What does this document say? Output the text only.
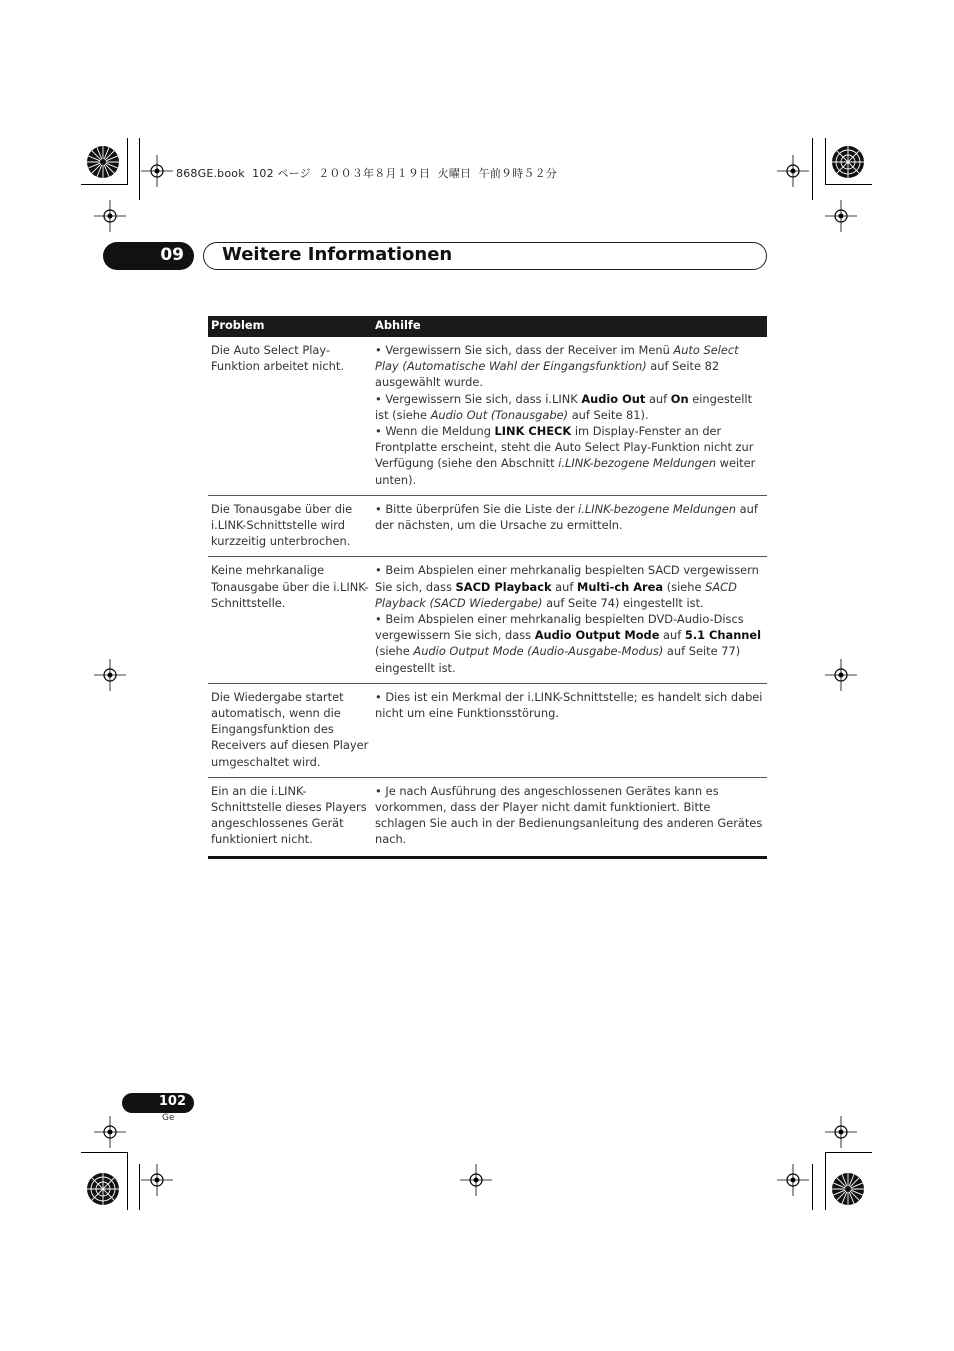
868GE.book  102 ページ  ２００３年８月１９日  火曜日  午前９時５２分
09 Weitere Informationen
Problem	Abhilfe
Die Auto Select Play-Funktion arbeitet nicht.	• Vergewissern Sie sich, dass der Receiver im Menü Auto Select Play (Automatische Wahl der Eingangsfunktion) auf Seite 82 ausgewählt wurde.
• Vergewissern Sie sich, dass i.LINK Audio Out auf On eingestellt ist (siehe Audio Out (Tonausgabe) auf Seite 81).
• Wenn die Meldung LINK CHECK im Display-Fenster an der Frontplatte erscheint, steht die Auto Select Play-Funktion nicht zur Verfügung (siehe den Abschnitt i.LINK-bezogene Meldungen weiter unten).

Die Tonausgabe über die i.LINK-Schnittstelle wird kurzzeitig unterbrochen.	• Bitte überprüfen Sie die Liste der i.LINK-bezogene Meldungen auf der nächsten, um die Ursache zu ermitteln.

Keine mehrkanalige Tonausgabe über die i.LINK-Schnittstelle.	• Beim Abspielen einer mehrkanalig bespielten SACD vergewissern Sie sich, dass SACD Playback auf Multi-ch Area (siehe SACD Playback (SACD Wiedergabe) auf Seite 74) eingestellt ist.
• Beim Abspielen einer mehrkanalig bespielten DVD-Audio-Discs vergewissern Sie sich, dass Audio Output Mode auf 5.1 Channel (siehe Audio Output Mode (Audio-Ausgabe-Modus) auf Seite 77) eingestellt ist.

Die Wiedergabe startet automatisch, wenn die Eingangsfunktion des Receivers auf diesen Player umgeschaltet wird.	• Dies ist ein Merkmal der i.LINK-Schnittstelle; es handelt sich dabei nicht um eine Funktionsstörung.

Ein an die i.LINK-Schnittstelle dieses Players angeschlossenes Gerät funktioniert nicht.	• Je nach Ausführung des angeschlossenen Gerätes kann es vorkommen, dass der Player nicht damit funktioniert. Bitte schlagen Sie auch in der Bedienungsanleitung des anderen Gerätes nach.
102
Ge
